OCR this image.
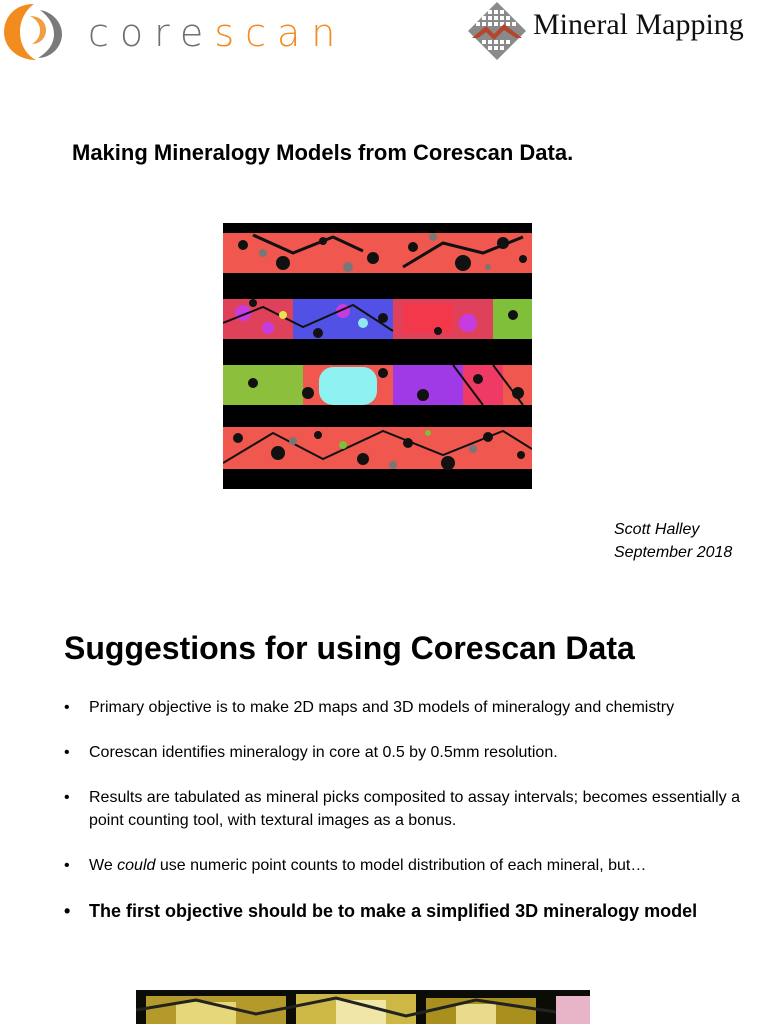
corescan	Mineral Mapping
Making Mineralogy Models from Corescan Data.
Scott Halley
September 2018
Suggestions for using Corescan Data
• Primary objective is to make 2D maps and 3D models of mineralogy and chemistry
• Corescan identifies mineralogy in core at 0.5 by 0.5mm resolution.
• Results are tabulated as mineral picks composited to assay intervals; becomes essentially a point counting tool, with textural images as a bonus.
• We could use numeric point counts to model distribution of each mineral, but…
• The first objective should be to make a simplified 3D mineralogy model
